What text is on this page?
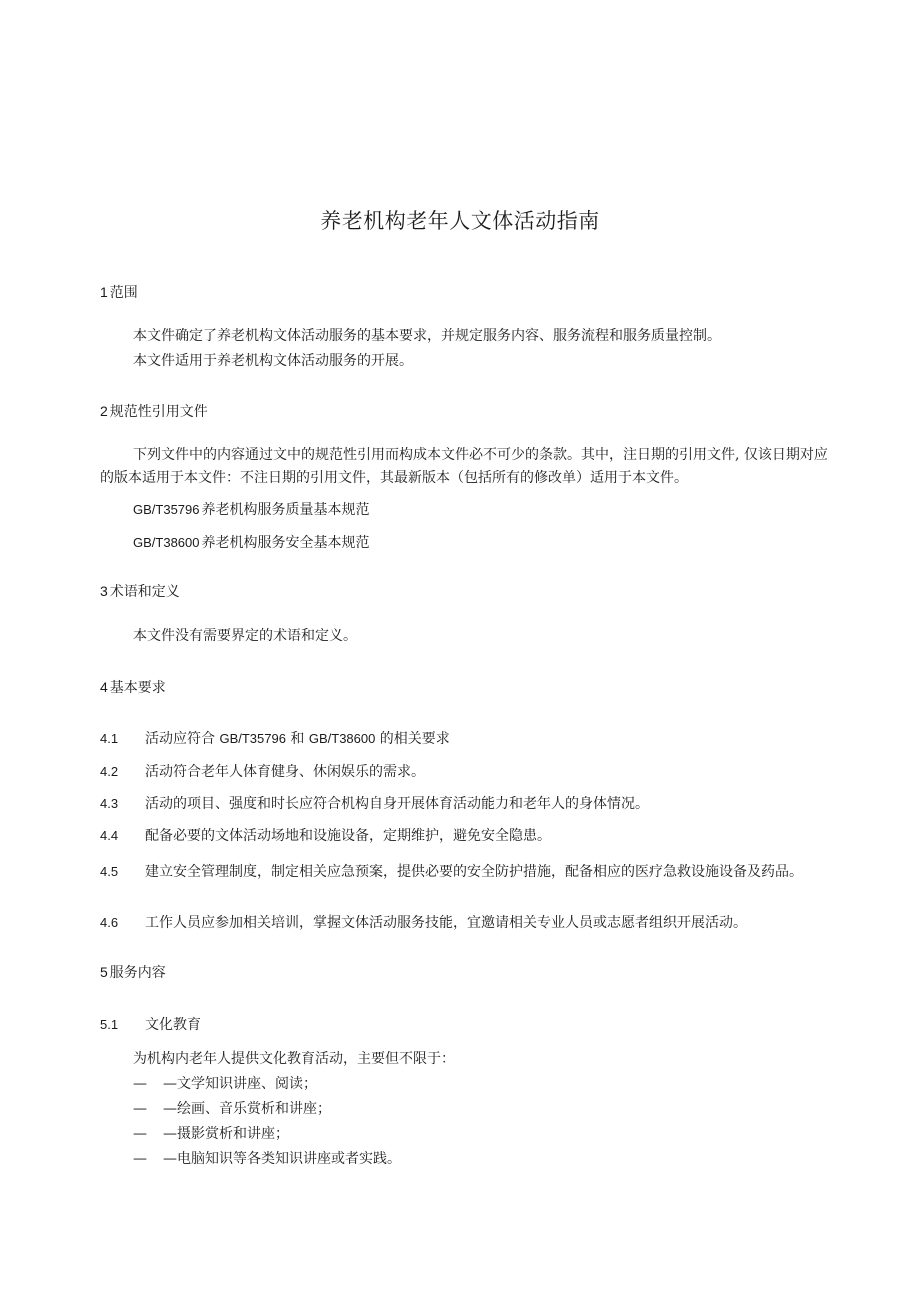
养老机构老年人文体活动指南
1 范围
本文件确定了养老机构文体活动服务的基本要求，并规定服务内容、服务流程和服务质量控制。
本文件适用于养老机构文体活动服务的开展。
2 规范性引用文件
下列文件中的内容通过文中的规范性引用而构成本文件必不可少的条款。其中，注日期的引用文件, 仅该日期对应的版本适用于本文件：不注日期的引用文件，其最新版本（包括所有的修改单）适用于本文件。
GB/T35796 养老机构服务质量基本规范
GB/T38600 养老机构服务安全基本规范
3 术语和定义
本文件没有需要界定的术语和定义。
4 基本要求
4.1 活动应符合 GB/T35796 和 GB/T38600 的相关要求
4.2 活动符合老年人体育健身、休闲娱乐的需求。
4.3 活动的项目、强度和时长应符合机构自身开展体育活动能力和老年人的身体情况。
4.4 配备必要的文体活动场地和设施设备，定期维护，避免安全隐患。
4.5 建立安全管理制度，制定相关应急预案，提供必要的安全防护措施，配备相应的医疗急救设施设备及药品。
4.6 工作人员应参加相关培训，掌握文体活动服务技能，宜邀请相关专业人员或志愿者组织开展活动。
5 服务内容
5.1 文化教育
为机构内老年人提供文化教育活动，主要但不限于：
— —文学知识讲座、阅读；
— —绘画、音乐赏析和讲座；
— —摄影赏析和讲座；
— —电脑知识等各类知识讲座或者实践。
